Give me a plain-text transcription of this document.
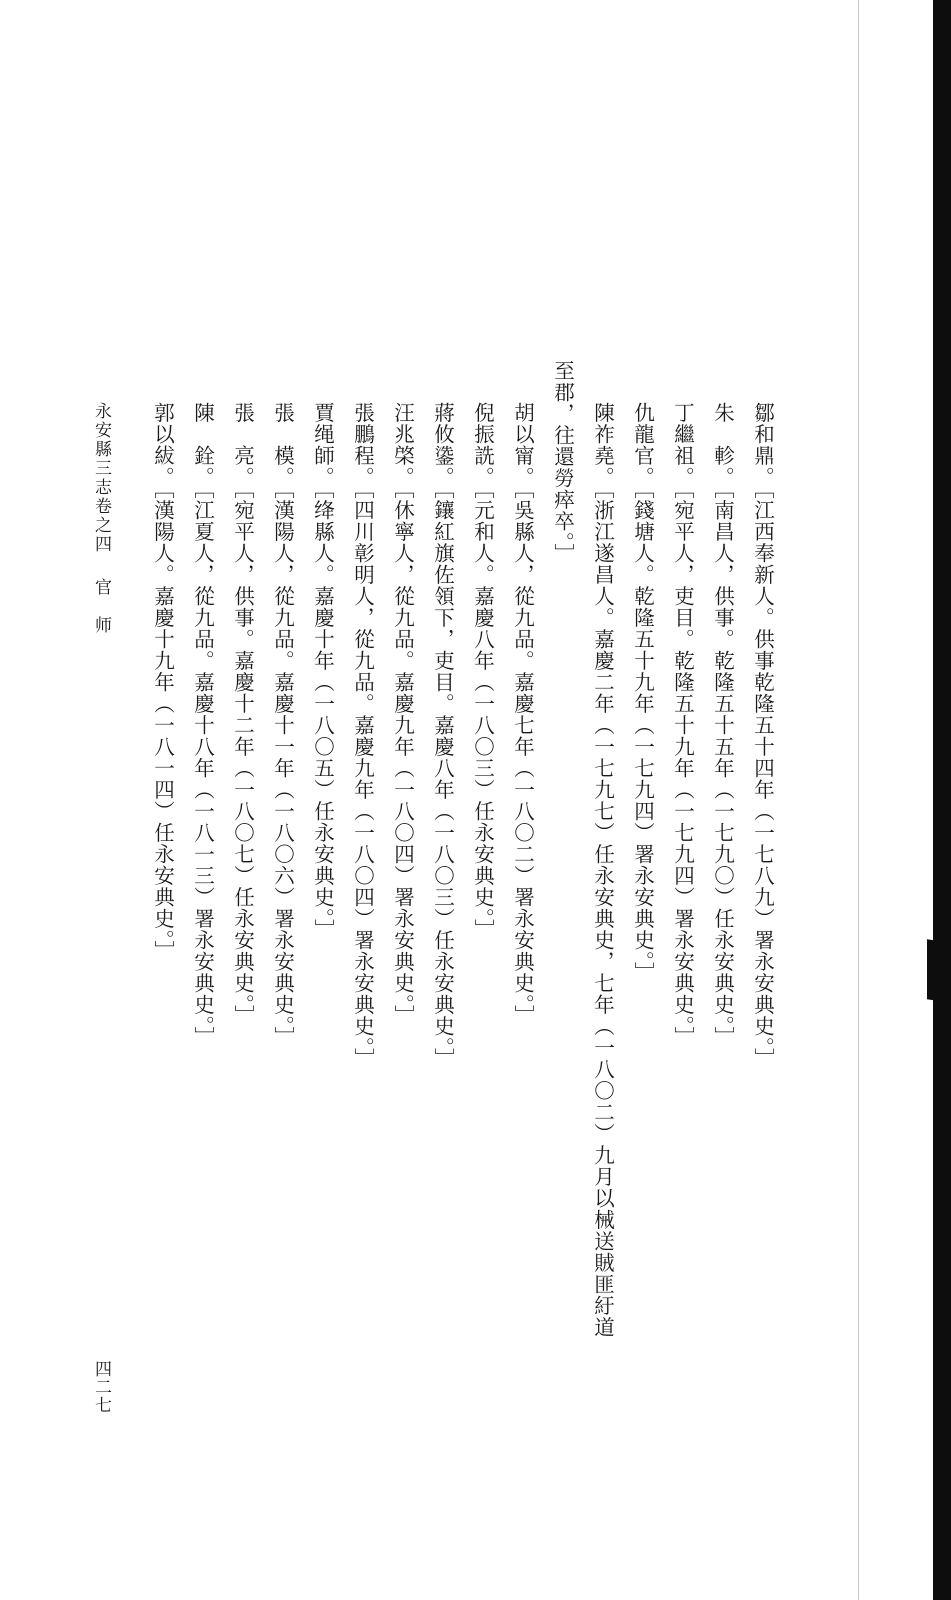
鄒和鼎。［江西奉新人。供事乾隆五十四年（一七八九）署永安典史。］
朱　軫。［南昌人，供事。乾隆五十五年（一七九〇）任永安典史。］
丁繼祖。［宛平人，吏目。乾隆五十九年（一七九四）署永安典史。］
仇龍官。［錢塘人。乾隆五十九年（一七九四）署永安典史。］
陳祚堯。［浙江遂昌人。嘉慶二年（一七九七）任永安典史，七年（一八〇二）九月以械送賊匪紆道
至郡，往還勞瘁卒。］
胡以甯。［吳縣人，從九品。嘉慶七年（一八〇二）署永安典史。］
倪振詵。［元和人。嘉慶八年（一八〇三）任永安典史。］
蔣攸鍌。［鑲紅旗佐領下，吏目。嘉慶八年（一八〇三）任永安典史。］
汪兆棨。［休寧人，從九品。嘉慶九年（一八〇四）署永安典史。］
張鵬程。［四川彰明人，從九品。嘉慶九年（一八〇四）署永安典史。］
賈绳師。［绛縣人。嘉慶十年（一八〇五）任永安典史。］
張　模。［漢陽人，從九品。嘉慶十一年（一八〇六）署永安典史。］
張　亮。［宛平人，供事。嘉慶十二年（一八〇七）任永安典史。］
陳　銓。［江夏人，從九品。嘉慶十八年（一八一三）署永安典史。］
郭以紱。［漢陽人。嘉慶十九年（一八一四）任永安典史。］
永安縣三志卷之四官　师
四二七
